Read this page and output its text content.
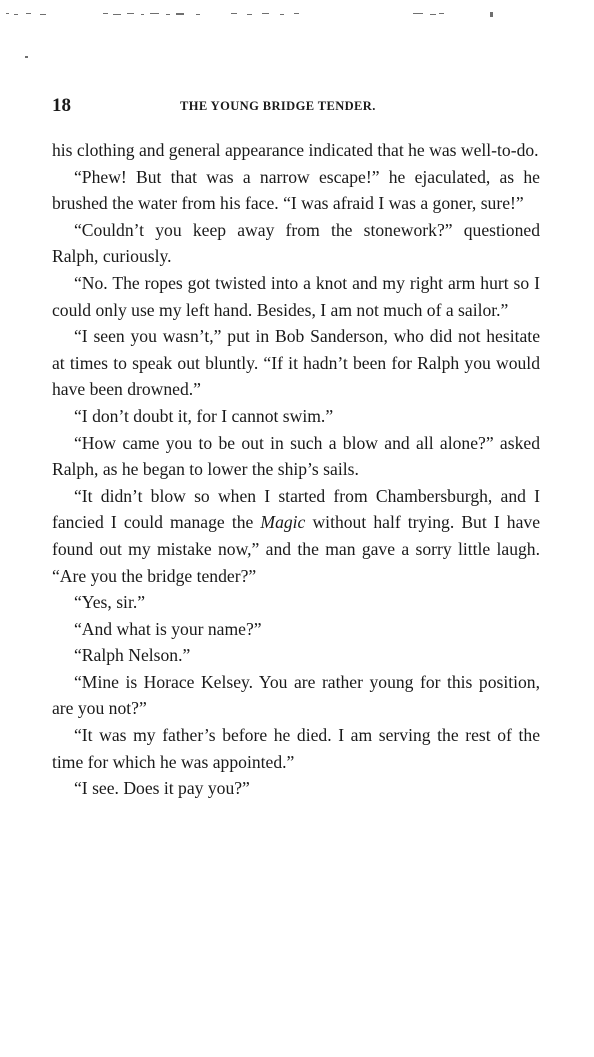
18	THE YOUNG BRIDGE TENDER.

his clothing and general appearance indicated that he was well-to-do.

“Phew! But that was a narrow escape!” he ejaculated, as he brushed the water from his face. “I was afraid I was a goner, sure!”

“Couldn’t you keep away from the stonework?” questioned Ralph, curiously.

“No. The ropes got twisted into a knot and my right arm hurt so I could only use my left hand. Besides, I am not much of a sailor.”

“I seen you wasn’t,” put in Bob Sanderson, who did not hesitate at times to speak out bluntly. “If it hadn’t been for Ralph you would have been drowned.”

“I don’t doubt it, for I cannot swim.”

“How came you to be out in such a blow and all alone?” asked Ralph, as he began to lower the ship’s sails.

“It didn’t blow so when I started from Chambersburgh, and I fancied I could manage the Magic without half trying. But I have found out my mistake now,” and the man gave a sorry little laugh. “Are you the bridge tender?”

“Yes, sir.”

“And what is your name?”

“Ralph Nelson.”

“Mine is Horace Kelsey. You are rather young for this position, are you not?”

“It was my father’s before he died. I am serving the rest of the time for which he was appointed.”

“I see. Does it pay you?”
